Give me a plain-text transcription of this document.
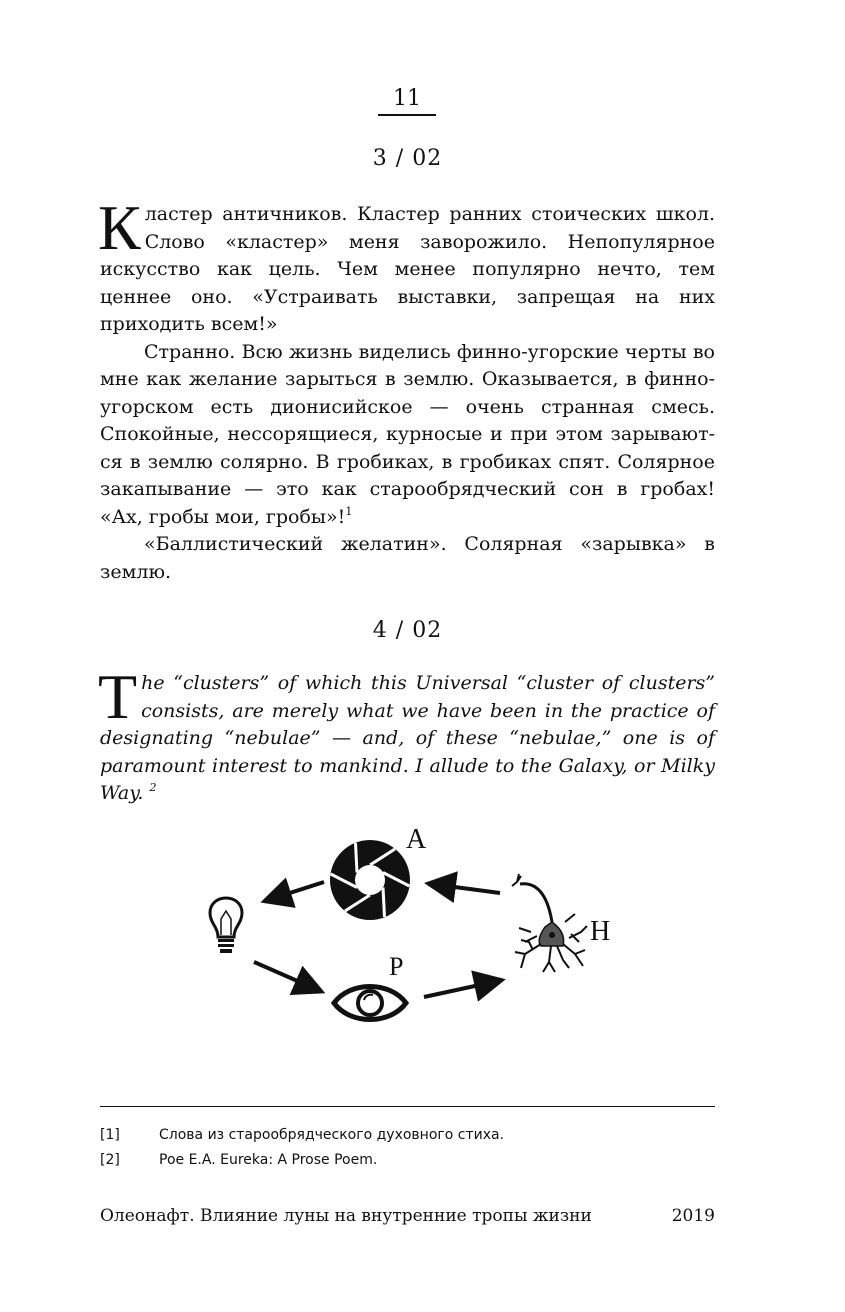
11
3 / 02

Кластер античников. Кластер ранних стоических школ. Слово «кластер» меня заворожило. Непопулярное искусство как цель. Чем менее популярно нечто, тем ценнее оно. «Устраивать выставки, запрещая на них приходить всем!»

Странно. Всю жизнь виделись финно-угорские черты во мне как желание зарыться в землю. Оказывается, в финно-угорском есть дионисийское — очень странная смесь. Спокойные, нессорящиеся, курносые и при этом зарываются в землю солярно. В гробиках, в гробиках спят. Солярное закапывание — это как старообрядческий сон в гробах! «Ах, гробы мои, гробы»!$^1$

«Баллистический желатин». Солярная «зарывка» в землю.

4 / 02

The “clusters” of which this Universal “cluster of clusters” consists, are merely what we have been in the practice of designating “nebulae” — and, of these “nebulae,” one is of paramount interest to mankind. I allude to the Galaxy, or Milky Way. $^2$

A
H
P
[1]	Слова из старообрядческого духовного стиха.
[2]	Poe E.A. Eureka: A Prose Poem.
Олеонафт. Влияние луны на внутренние тропы жизни	2019
